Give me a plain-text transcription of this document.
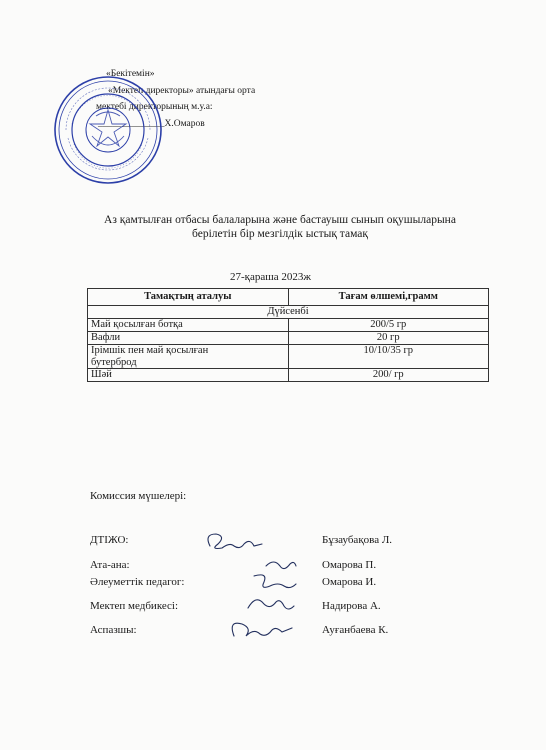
«Бекітемін»
«Мектеп директоры» атындағы орта
мектебі директорының м.у.а:
______________Х.Омаров
Аз қамтылған отбасы балаларына және бастауыш сынып оқушыларына
берілетін бір мезгілдік ыстық тамақ
27-қараша 2023ж
Тамақтың аталуы	Тағам өлшемі,грамм
Дүйсенбі	
Май қосылған ботқа	200/5 гр
Вафли	20 гр
Ірімшік пен май қосылған бутерброд	10/10/35 гр
Шәй	200/ гр
Комиссия мүшелері:
ДТІЖО:	Бұзаубақова Л.
Ата-ана:	Омарова П.
Әлеуметтік педагог:	Омарова И.
Мектеп медбикесі:	Надирова А.
Аспазшы:	Ауғанбаева К.
